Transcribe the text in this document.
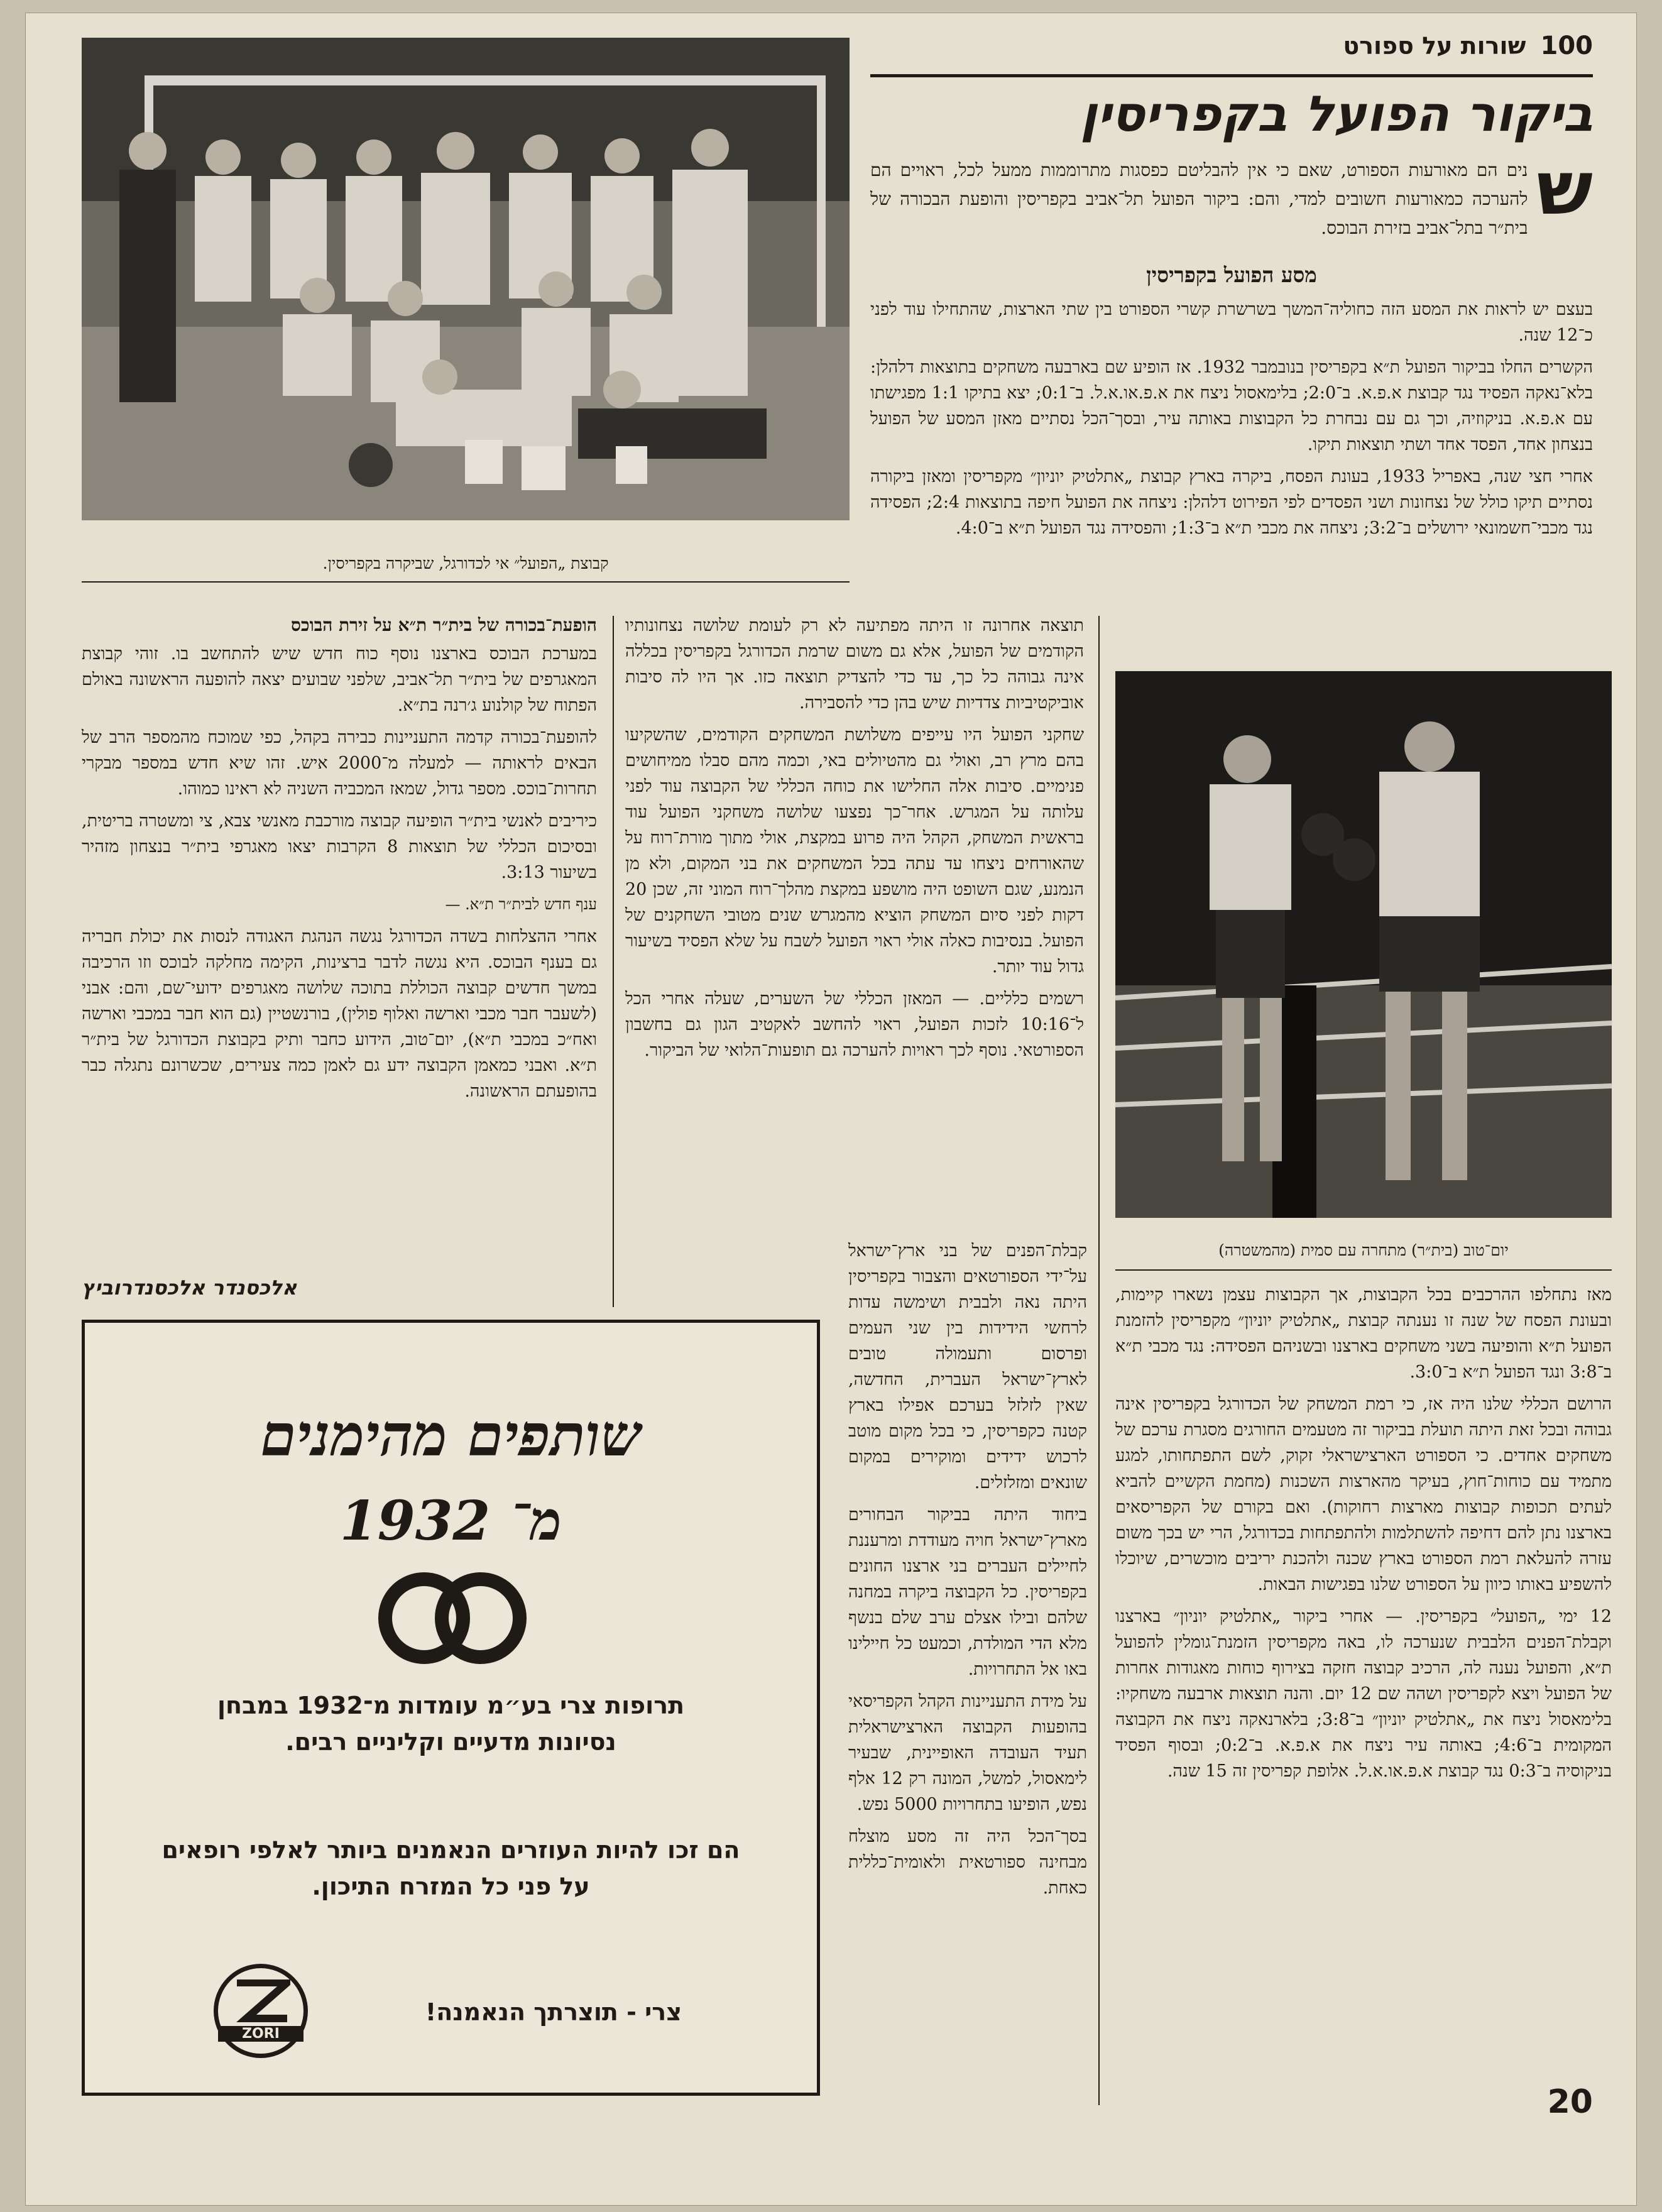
100 שורות על ספורט
ביקור הפועל בקפריסין
קבוצת „הפועל״ אי לכדורגל, שביקרה בקפריסין.
ש
נים הם מאורעות הספורט, שאם כי אין להבליטם כפסגות מתרוממות ממעל לכל, ראויים הם להערכה כמאורעות חשובים למדי, והם: ביקור הפועל תל־אביב בקפריסין והופעת הבכורה של בית״ר בתל־אביב בזירת הבוכס.
מסע הפועל בקפריסין

בעצם יש לראות את המסע הזה כחוליה־המשך בשרשרת קשרי הספורט בין שתי הארצות, שהתחילו עוד לפני כ־12 שנה.

הקשרים החלו בביקור הפועל ת״א בקפריסין בנובמבר 1932. אז הופיע שם בארבעה משחקים בתוצאות דלהלן: בלא־נאקה הפסיד נגד קבוצת א.פ.א. ב־2:0; בלימאסול ניצח את א.פ.או.א.ל. ב־0:1; יצא בתיקו 1:1 מפגישתו עם א.פ.א. בניקוזיה, וכך גם עם נבחרת כל הקבוצות באותה עיר, ובסך־הכל נסתיים מאזן המסע של הפועל בנצחון אחד, הפסד אחד ושתי תוצאות תיקו.

אחרי חצי שנה, באפריל 1933, בעונת הפסח, ביקרה בארץ קבוצת „אתלטיק יוניון״ מקפריסין ומאזן ביקורה נסתיים תיקו כולל של נצחונות ושני הפסדים לפי הפירוט דלהלן: ניצחה את הפועל חיפה בתוצאות 2:4; הפסידה נגד מכבי־חשמונאי ירושלים ב־3:2; ניצחה את מכבי ת״א ב־1:3; והפסידה נגד הפועל ת״א ב־4:0.

יום־טוב (בית״ר) מתחרה עם סמית (מהמשטרה)

מאז נתחלפו ההרכבים בכל הקבוצות, אך הקבוצות עצמן נשארו קיימות, ובעונת הפסח של שנה זו נענתה קבוצת „אתלטיק יוניון״ מקפריסין להזמנת הפועל ת״א והופיעה בשני משחקים בארצנו ובשניהם הפסידה: נגד מכבי ת״א ב־3:8 ונגד הפועל ת״א ב־3:0.

הרושם הכללי שלנו היה אז, כי רמת המשחק של הכדורגל בקפריסין אינה גבוהה ובכל זאת היתה תועלת בביקור זה מטעמים החורגים מסגרת ערכם של משחקים אחדים. כי הספורט הארצישראלי זקוק, לשם התפתחותו, למגע מתמיד עם כוחות־חוץ, בעיקר מהארצות השכנות (מחמת הקשיים להביא לעתים תכופות קבוצות מארצות רחוקות). ואם בקורם של הקפריסאים בארצנו נתן להם דחיפה להשתלמות ולהתפתחות בכדורגל, הרי יש בכך משום עזרה להעלאת רמת הספורט בארץ שכנה ולהכנת יריבים מוכשרים, שיוכלו להשפיע באותו כיוון על הספורט שלנו בפגישות הבאות.

12 ימי „הפועל״ בקפריסין. — אחרי ביקור „אתלטיק יוניון״ בארצנו וקבלת־הפנים הלבבית שנערכה לו, באה מקפריסין הזמנת־גומלין להפועל ת״א, והפועל נענה לה, הרכיב קבוצה חזקה בצירוף כוחות מאגודות אחרות של הפועל ויצא לקפריסין ושהה שם 12 יום. והנה תוצאות ארבעה משחקיו: בלימאסול ניצח את „אתלטיק יוניון״ ב־3:8; בלארנאקה ניצח את הקבוצה המקומית ב־4:6; באותה עיר ניצח את א.פ.א. ב־0:2; ובסוף הפסיד בניקוסיה ב־0:3 נגד קבוצת א.פ.או.א.ל. אלופת קפריסין זה 15 שנה.

תוצאה אחרונה זו היתה מפתיעה לא רק לעומת שלושה נצחונותיו הקודמים של הפועל, אלא גם משום שרמת הכדורגל בקפריסין בכללה אינה גבוהה כל כך, עד כדי להצדיק תוצאה כזו. אך היו לה סיבות אוביקטיביות צדדיות שיש בהן כדי להסבירה.

שחקני הפועל היו עייפים משלושת המשחקים הקודמים, שהשקיעו בהם מרץ רב, ואולי גם מהטיולים באי, וכמה מהם סבלו ממיחושים פנימיים. סיבות אלה החלישו את כוחה הכללי של הקבוצה עוד לפני עלותה על המגרש. אחר־כך נפצעו שלושה משחקני הפועל עוד בראשית המשחק, הקהל היה פרוע במקצת, אולי מתוך מורת־רוח על שהאורחים ניצחו עד עתה בכל המשחקים את בני המקום, ולא מן הנמנע, שגם השופט היה מושפע במקצת מהלך־רוח המוני זה, שכן 20 דקות לפני סיום המשחק הוציא מהמגרש שנים מטובי השחקנים של הפועל. בנסיבות כאלה אולי ראוי הפועל לשבח על שלא הפסיד בשיעור גדול עוד יותר.

רשמים כלליים. — המאזן הכללי של השערים, שעלה אחרי הכל ל־10:16 לזכות הפועל, ראוי להחשב לאקטיב הגון גם בחשבון הספורטאי. נוסף לכך ראויות להערכה גם תופעות־הלואי של הביקור.

קבלת־הפנים של בני ארץ־ישראל על־ידי הספורטאים והצבור בקפריסין היתה נאה ולבבית ושימשה עדות לרחשי הידידות בין שני העמים ופרסום ותעמולה טובים לארץ־ישראל העברית, החדשה, שאין לזלזל בערכם אפילו בארץ קטנה כקפריסין, כי בכל מקום מוטב לרכוש ידידים ומוקירים במקום שונאים ומזלזלים.

ביחוד היתה בביקור הבחורים מארץ־ישראל חויה מעודדת ומרעננת לחיילים העברים בני ארצנו החונים בקפריסין. כל הקבוצה ביקרה במחנה שלהם ובילו אצלם ערב שלם בנשף מלא הדי המולדת, וכמעט כל חיילינו באו אל התחרויות.

על מידת התעניינות הקהל הקפריסאי בהופעות הקבוצה הארצישראלית תעיד העובדה האופיינית, שבעיר לימאסול, למשל, המונה רק 12 אלף נפש, הופיעו בתחרויות 5000 נפש.

בסך־הכל היה זה מסע מוצלח מבחינה ספורטאית ולאומית־כללית כאחת.

הופעת־בכורה של בית״ר ת״א על זירת הבוכס

במערכת הבוכס בארצנו נוסף כוח חדש שיש להתחשב בו. זוהי קבוצת המאגרפים של בית״ר תל־אביב, שלפני שבועים יצאה להופעה הראשונה באולם הפתוח של קולנוע ג׳רנה בת״א.

להופעת־בכורה קדמה התעניינות כבירה בקהל, כפי שמוכח מהמספר הרב של הבאים לראותה — למעלה מ־2000 איש. זהו שיא חדש במספר מבקרי תחרות־בוכס. מספר גדול, שמאז המכביה השניה לא ראינו כמוהו.

כיריבים לאנשי בית״ר הופיעה קבוצה מורכבת מאנשי צבא, צי ומשטרה בריטית, ובסיכום הכללי של תוצאות 8 הקרבות יצאו מאגרפי בית״ר בנצחון מזהיר בשיעור 3:13.

ענף חדש לבית״ר ת״א. —

אחרי ההצלחות בשדה הכדורגל נגשה הנהגת האגודה לנסות את יכולת חבריה גם בענף הבוכס. היא נגשה לדבר ברצינות, הקימה מחלקה לבוכס וזו הרכיבה במשך חדשים קבוצה הכוללת בתוכה שלושה מאגרפים ידועי־שם, והם: אבני (לשעבר חבר מכבי וארשה ואלוף פולין), בורנשטיין (גם הוא חבר במכבי וארשה ואח״כ במכבי ת״א), יום־טוב, הידוע כחבר ותיק בקבוצת הכדורגל של בית״ר ת״א. ואבני כמאמן הקבוצה ידע גם לאמן כמה צעירים, שכשרונם נתגלה כבר בהופעתם הראשונה.

אלכסנדר אלכסנדרוביץ
שותפים מהימנים
מ־ 1932
תרופות צרי בע״מ עומדות מ־1932 במבחן נסיונות מדעיים וקליניים רבים.
הם זכו להיות העוזרים הנאמנים ביותר לאלפי רופאים על פני כל המזרח התיכון.
ZORI
צרי - תוצרתך הנאמנה!
20
